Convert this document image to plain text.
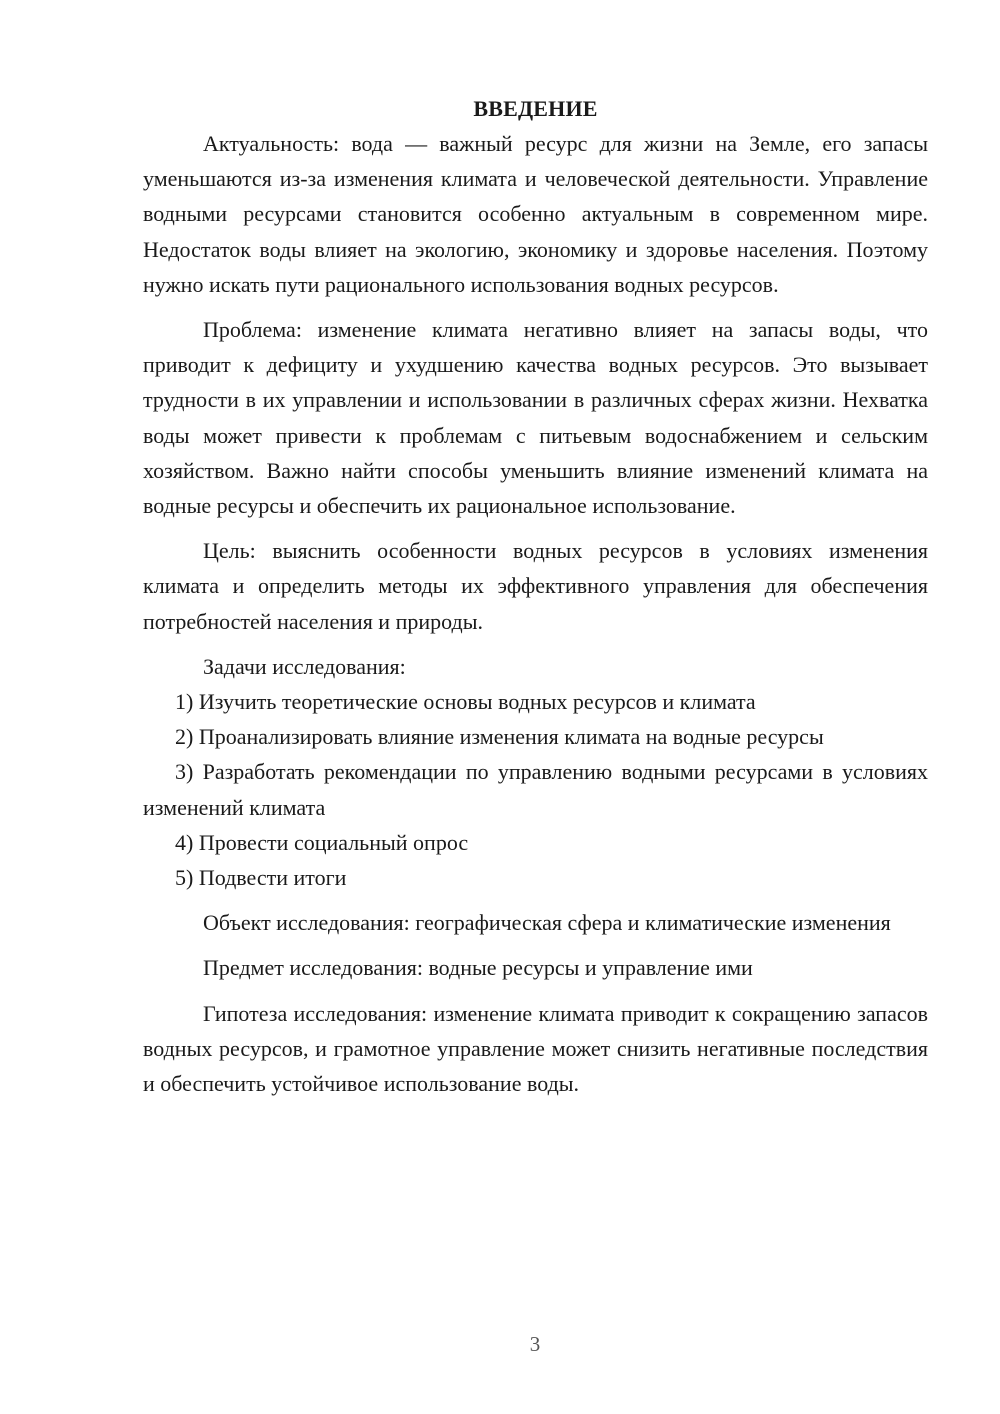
ВВЕДЕНИЕ

Актуальность: вода — важный ресурс для жизни на Земле, его запасы уменьшаются из-за изменения климата и человеческой деятельности. Управление водными ресурсами становится особенно актуальным в современном мире. Недостаток воды влияет на экологию, экономику и здоровье населения. Поэтому нужно искать пути рационального использования водных ресурсов.

Проблема: изменение климата негативно влияет на запасы воды, что приводит к дефициту и ухудшению качества водных ресурсов. Это вызывает трудности в их управлении и использовании в различных сферах жизни. Нехватка воды может привести к проблемам с питьевым водоснабжением и сельским хозяйством. Важно найти способы уменьшить влияние изменений климата на водные ресурсы и обеспечить их рациональное использование.

Цель: выяснить особенности водных ресурсов в условиях изменения климата и определить методы их эффективного управления для обеспечения потребностей населения и природы.

Задачи исследования:

1) Изучить теоретические основы водных ресурсов и климата

2) Проанализировать влияние изменения климата на водные ресурсы

3) Разработать рекомендации по управлению водными ресурсами в условиях изменений климата

4) Провести социальный опрос

5) Подвести итоги

Объект исследования: географическая сфера и климатические изменения

Предмет исследования: водные ресурсы и управление ими

Гипотеза исследования: изменение климата приводит к сокращению запасов водных ресурсов, и грамотное управление может снизить негативные последствия и обеспечить устойчивое использование воды.

3
